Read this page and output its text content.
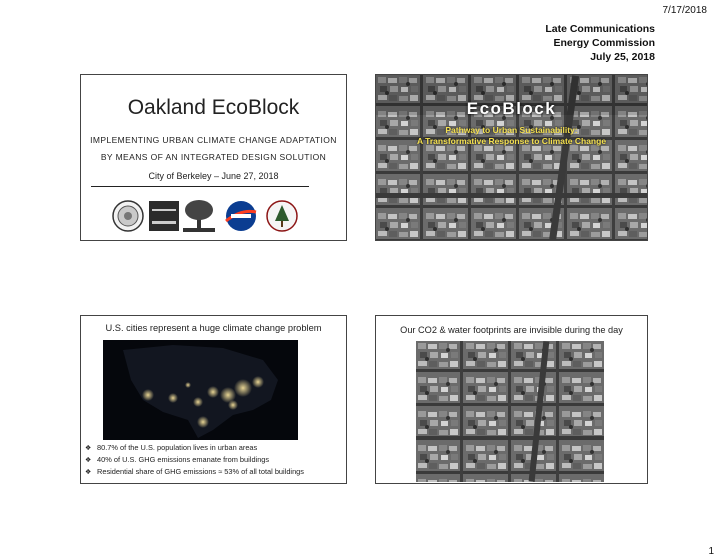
7/17/2018
Late Communications
Energy Commission
July 25, 2018
Oakland EcoBlock
IMPLEMENTING URBAN CLIMATE CHANGE ADAPTATION
BY MEANS OF AN INTEGRATED DESIGN SOLUTION
City of Berkeley – June 27, 2018
EcoBlock
Pathway to Urban Sustainability:
A Transformative Response to Climate Change
U.S. cities represent a huge climate change problem
❖ 80.7% of the U.S. population lives in urban areas
❖ 40% of U.S. GHG emissions emanate from buildings
❖ Residential share of GHG emissions ≈ 53% of all total buildings
Our CO2 & water footprints are invisible during the day
1
